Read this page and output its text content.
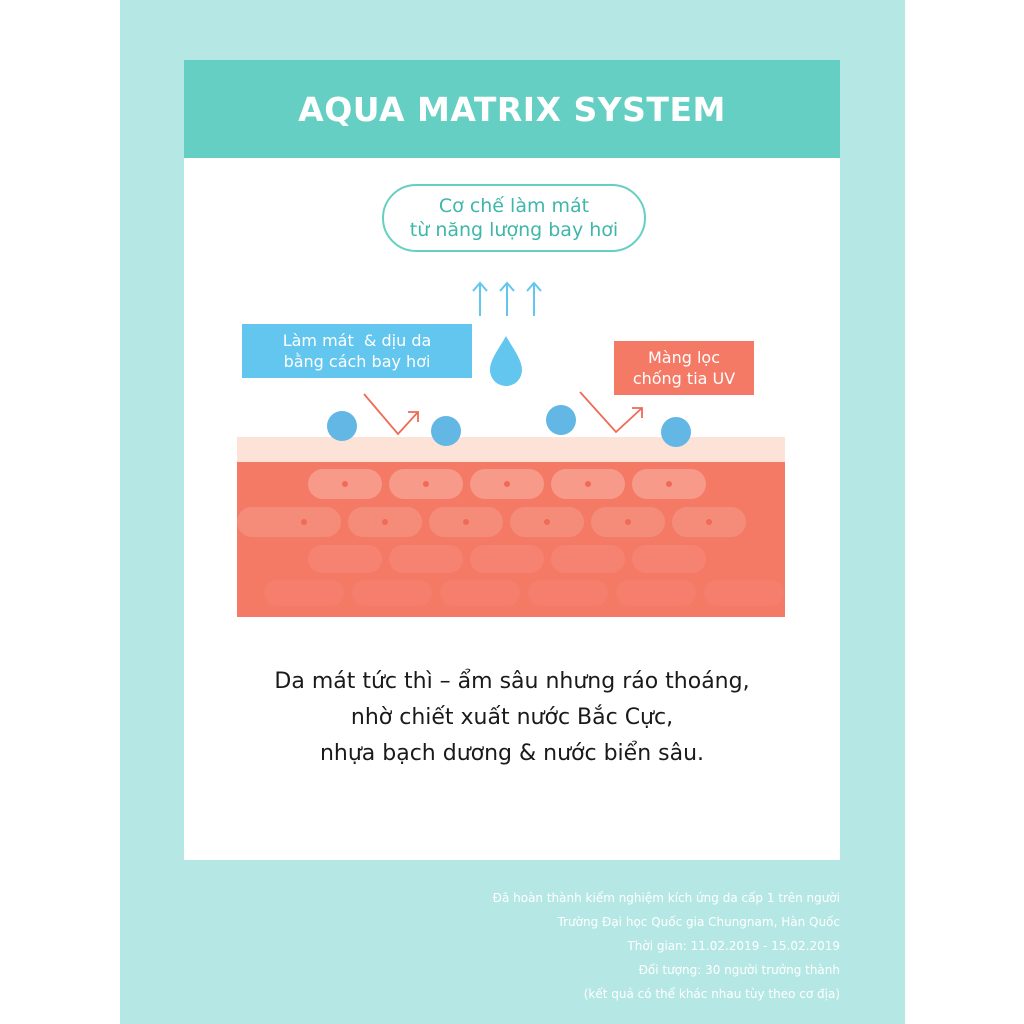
AQUA MATRIX SYSTEM
Cơ chế làm mát
từ năng lượng bay hơi
Làm mát  & dịu da
bằng cách bay hơi	Màng lọc
chống tia UV
Da mát tức thì – ẩm sâu nhưng ráo thoáng,
nhờ chiết xuất nước Bắc Cực,
nhựa bạch dương & nước biển sâu.
Đã hoàn thành kiểm nghiệm kích ứng da cấp 1 trên người
Trường Đại học Quốc gia Chungnam, Hàn Quốc
Thời gian: 11.02.2019 - 15.02.2019
Đối tượng: 30 người trưởng thành
(kết quả có thể khác nhau tùy theo cơ địa)
